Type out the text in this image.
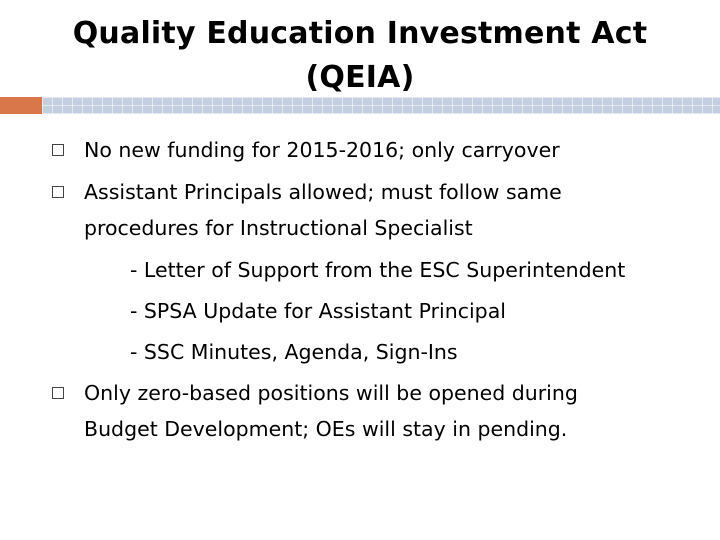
Quality Education Investment Act
(QEIA)
No new funding for 2015-2016; only carryover
Assistant Principals allowed; must follow same
procedures for Instructional Specialist
- Letter of Support from the ESC Superintendent
- SPSA Update for Assistant Principal
- SSC Minutes, Agenda, Sign-Ins
Only zero-based positions will be opened during
Budget Development; OEs will stay in pending.
